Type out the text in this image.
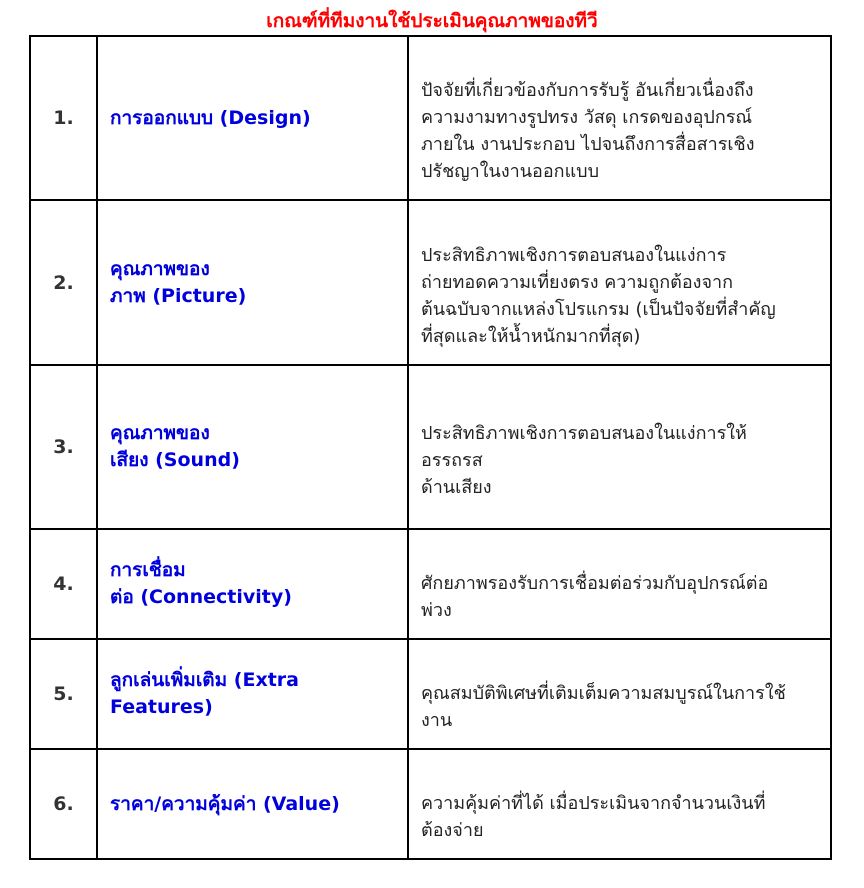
เกณฑ์ที่ทีมงานใช้ประเมินคุณภาพของทีวี
1.	การออกแบบ (Design)	ปัจจัยที่เกี่ยวข้องกับการรับรู้ อันเกี่ยวเนื่องถึง
ความงามทางรูปทรง วัสดุ เกรดของอุปกรณ์
ภายใน งานประกอบ ไปจนถึงการสื่อสารเชิง
ปรัชญาในงานออกแบบ

2.	คุณภาพของ
ภาพ (Picture)	ประสิทธิภาพเชิงการตอบสนองในแง่การ
ถ่ายทอดความเที่ยงตรง ความถูกต้องจาก
ต้นฉบับจากแหล่งโปรแกรม (เป็นปัจจัยที่สำคัญ
ที่สุดและให้น้ำหนักมากที่สุด)

3.	คุณภาพของ
เสียง (Sound)	ประสิทธิภาพเชิงการตอบสนองในแง่การให้
อรรถรส
ด้านเสียง

4.	การเชื่อม
ต่อ (Connectivity)	ศักยภาพรองรับการเชื่อมต่อร่วมกับอุปกรณ์ต่อ
พ่วง

5.	ลูกเล่นเพิ่มเติม (Extra
Features)	คุณสมบัติพิเศษที่เติมเต็มความสมบูรณ์ในการใช้
งาน

6.	ราคา/ความคุ้มค่า (Value)	ความคุ้มค่าที่ได้ เมื่อประเมินจากจำนวนเงินที่
ต้องจ่าย
